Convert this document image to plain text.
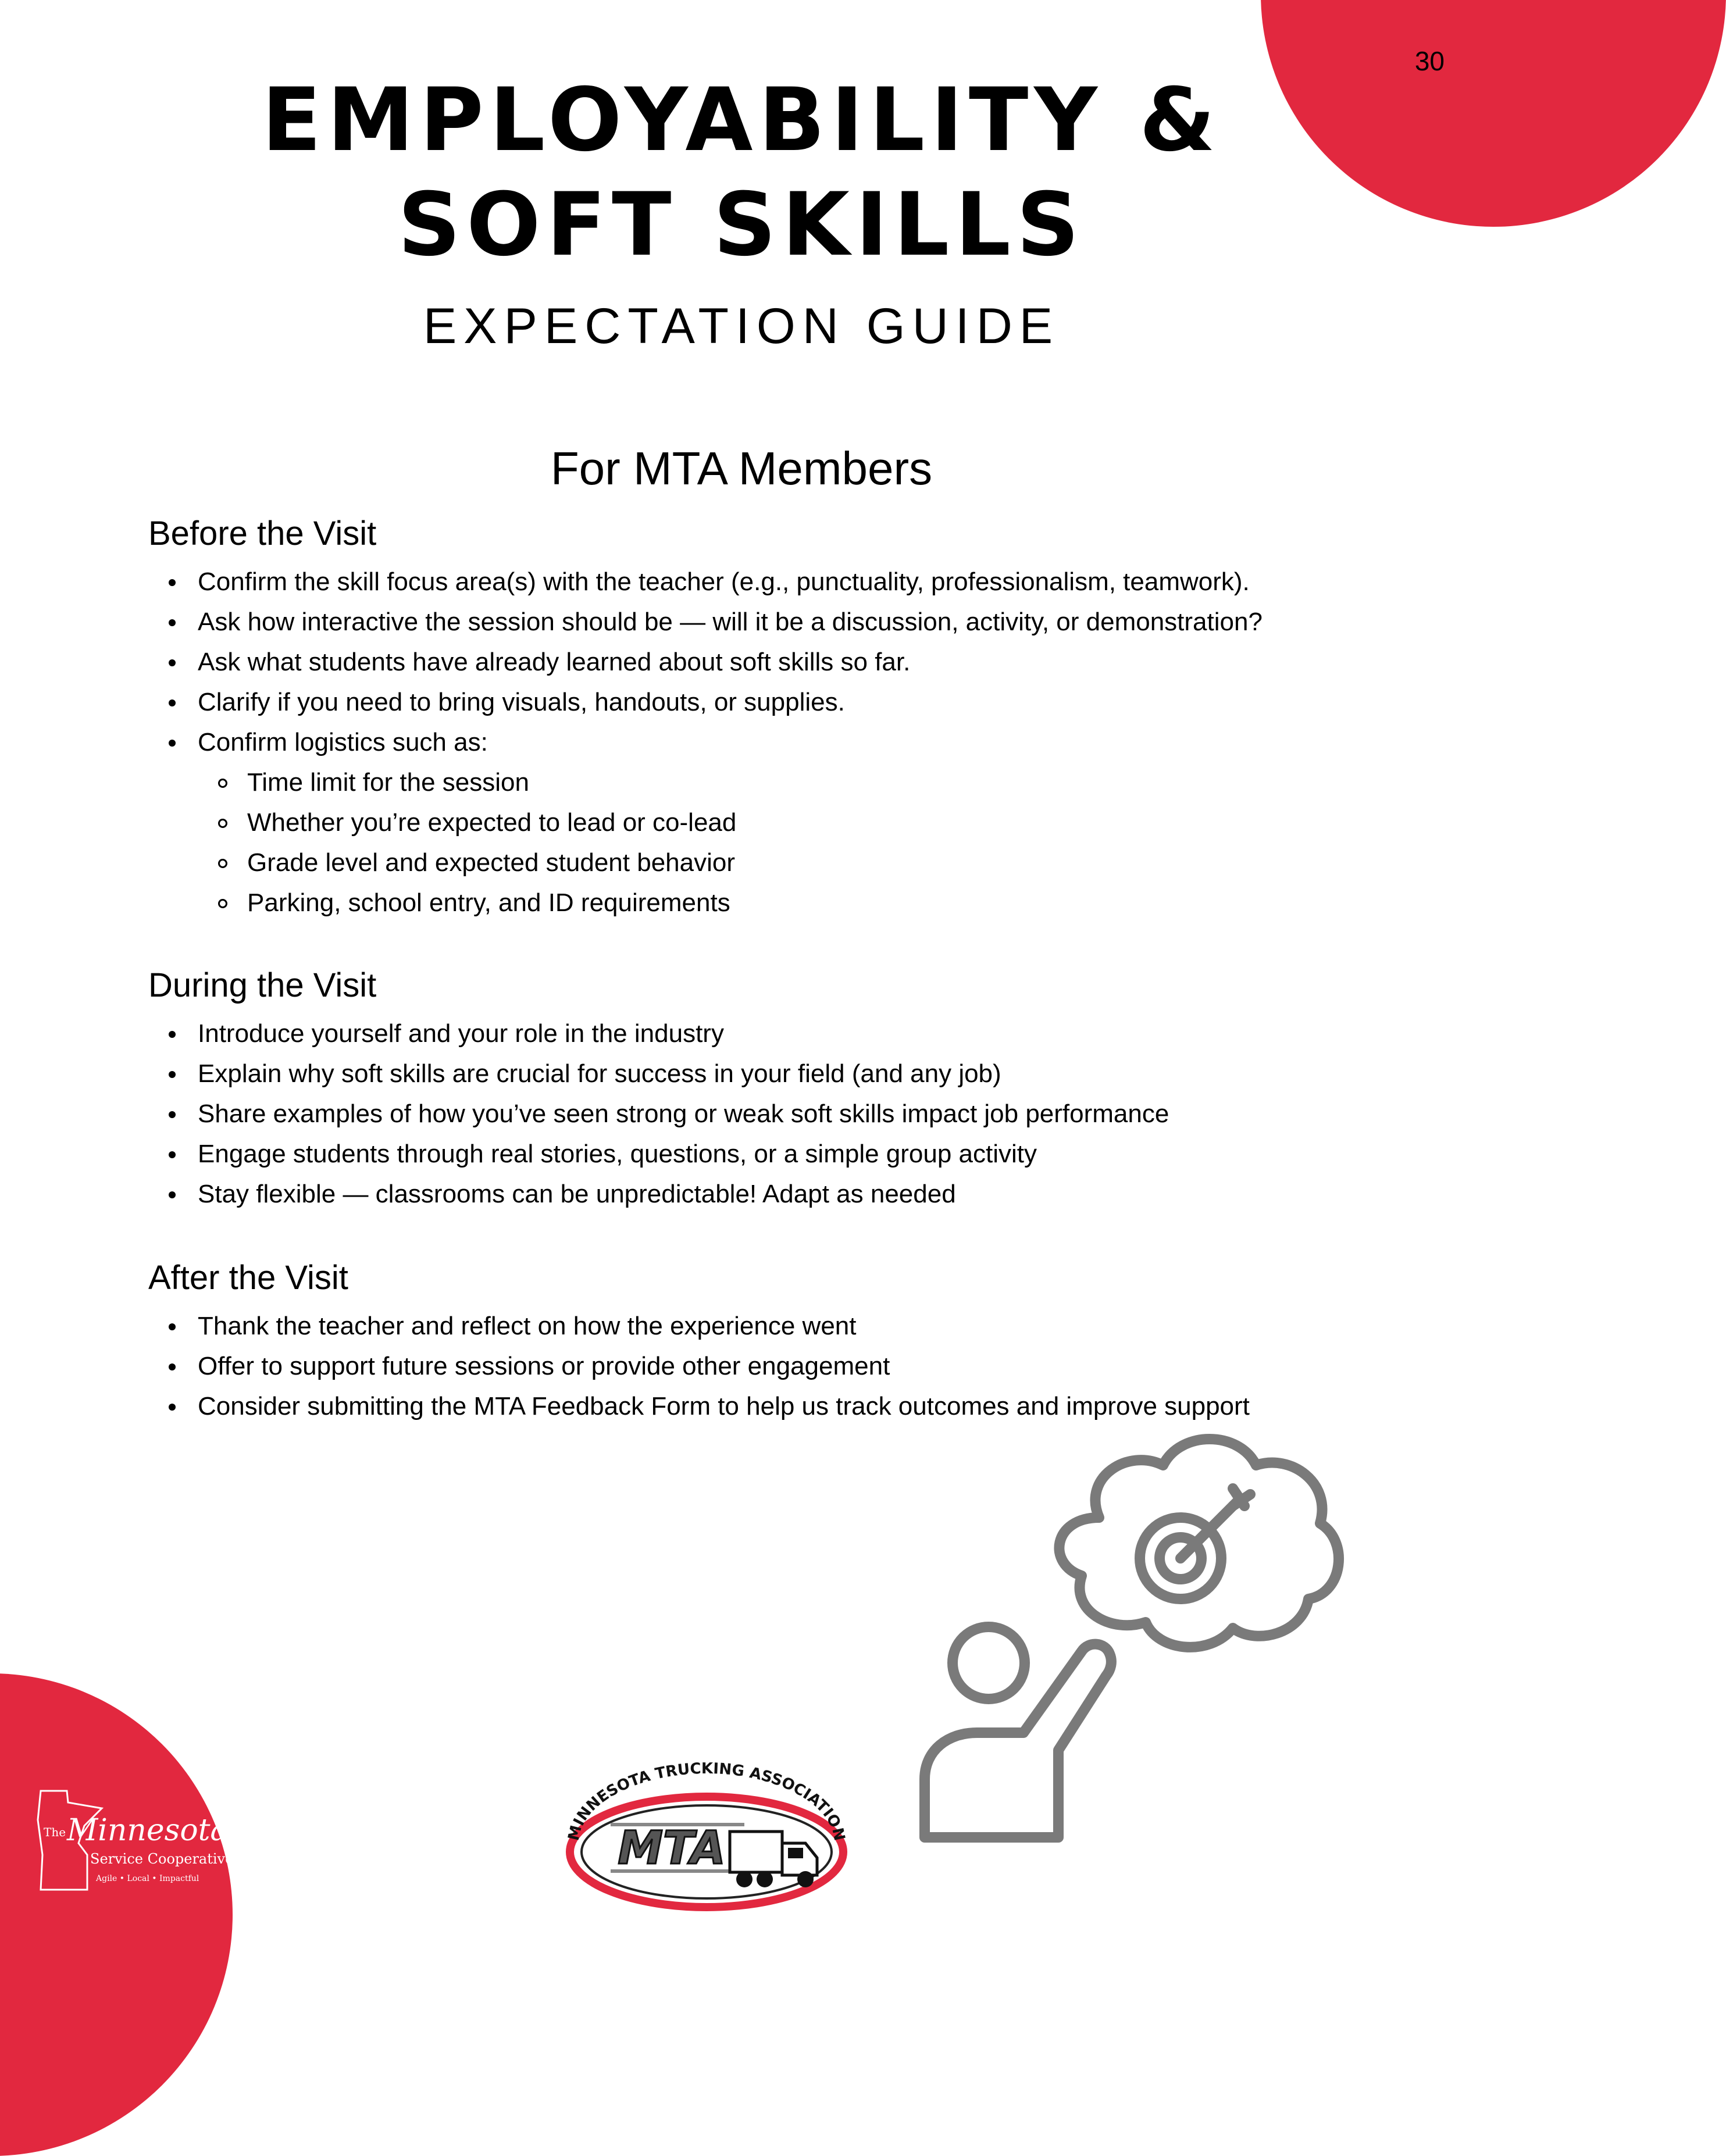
30
EMPLOYABILITY &
SOFT SKILLS
EXPECTATION GUIDE
For MTA Members
Before the Visit
Confirm the skill focus area(s) with the teacher (e.g., punctuality, professionalism, teamwork).
Ask how interactive the session should be — will it be a discussion, activity, or demonstration?
Ask what students have already learned about soft skills so far.
Clarify if you need to bring visuals, handouts, or supplies.
Confirm logistics such as:
Time limit for the session
Whether you’re expected to lead or co-lead
Grade level and expected student behavior
Parking, school entry, and ID requirements
During the Visit
Introduce yourself and your role in the industry
Explain why soft skills are crucial for success in your field (and any job)
Share examples of how you’ve seen strong or weak soft skills impact job performance
Engage students through real stories, questions, or a simple group activity
Stay flexible — classrooms can be unpredictable! Adapt as needed
After the Visit
Thank the teacher and reflect on how the experience went
Offer to support future sessions or provide other engagement
Consider submitting the MTA Feedback Form to help us track outcomes and improve support
MINNESOTA TRUCKING ASSOCIATION
MTA
The Minnesota
Service Cooperatives
Agile • Local • Impactful
